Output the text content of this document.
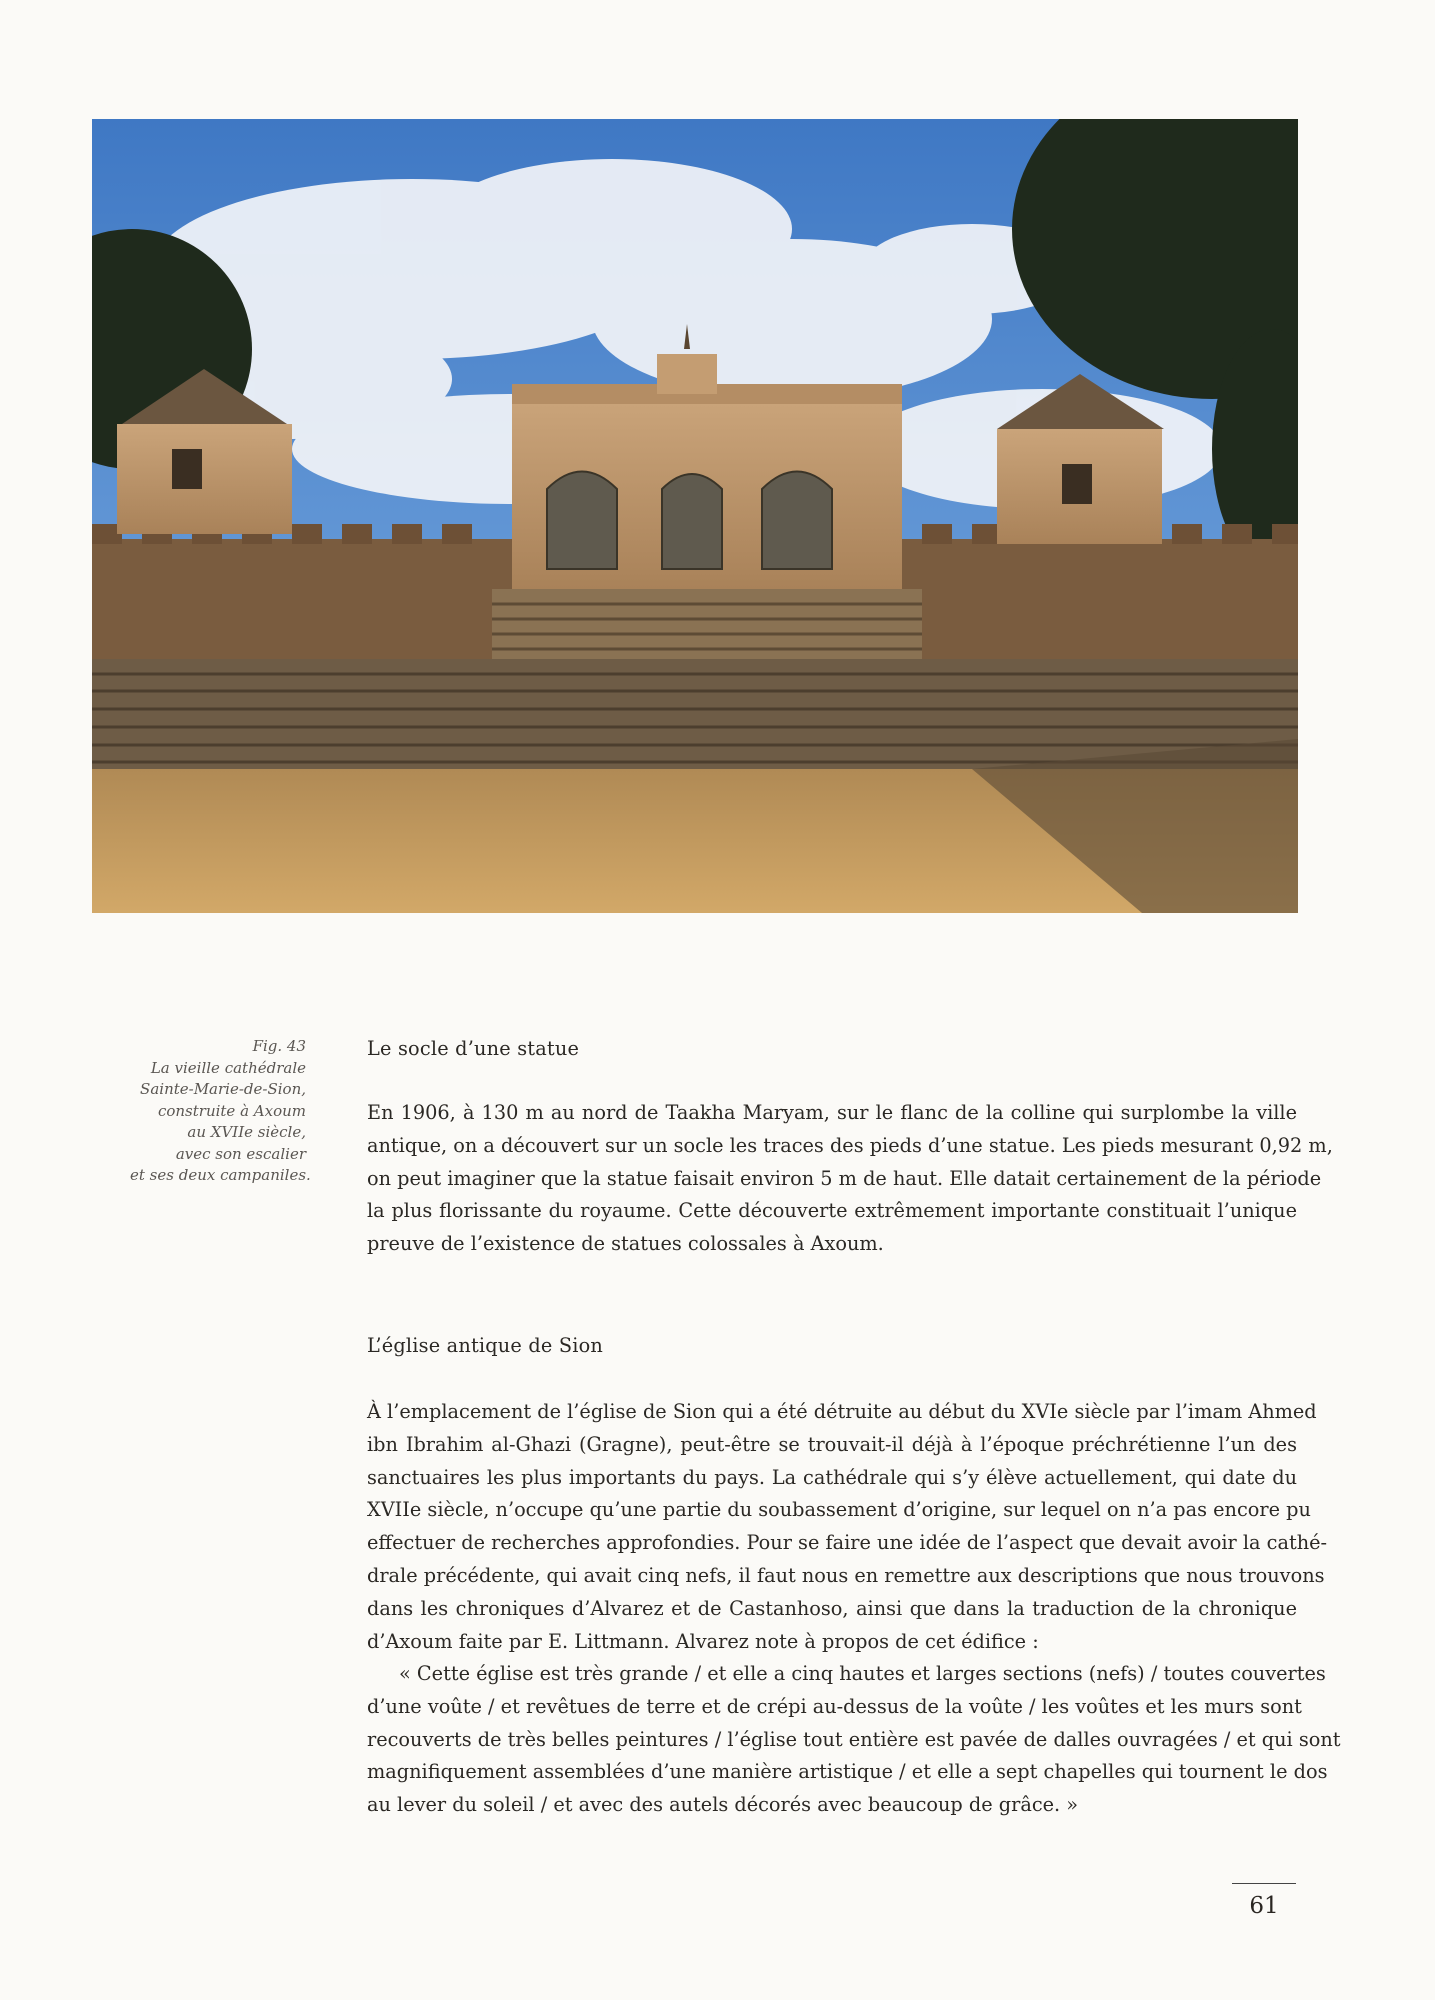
Fig. 43
La vieille cathédrale
Sainte-Marie-de-Sion,
construite à Axoum
au XVIIe siècle,
avec son escalier
et ses deux campaniles.
Le socle d’une statue
En 1906, à 130 m au nord de Taakha Maryam, sur le flanc de la colline qui surplombe la ville
antique, on a découvert sur un socle les traces des pieds d’une statue. Les pieds mesurant 0,92 m,
on peut imaginer que la statue faisait environ 5 m de haut. Elle datait certainement de la période
la plus florissante du royaume. Cette découverte extrêmement importante constituait l’unique
preuve de l’existence de statues colossales à Axoum.
L’église antique de Sion
À l’emplacement de l’église de Sion qui a été détruite au début du XVIe siècle par l’imam Ahmed
ibn Ibrahim al-Ghazi (Gragne), peut-être se trouvait-il déjà à l’époque préchrétienne l’un des
sanctuaires les plus importants du pays. La cathédrale qui s’y élève actuellement, qui date du
XVIIe siècle, n’occupe qu’une partie du soubassement d’origine, sur lequel on n’a pas encore pu
effectuer de recherches approfondies. Pour se faire une idée de l’aspect que devait avoir la cathé-
drale précédente, qui avait cinq nefs, il faut nous en remettre aux descriptions que nous trouvons
dans les chroniques d’Alvarez et de Castanhoso, ainsi que dans la traduction de la chronique
d’Axoum faite par E. Littmann. Alvarez note à propos de cet édifice :
« Cette église est très grande / et elle a cinq hautes et larges sections (nefs) / toutes couvertes
d’une voûte / et revêtues de terre et de crépi au-dessus de la voûte / les voûtes et les murs sont
recouverts de très belles peintures / l’église tout entière est pavée de dalles ouvragées / et qui sont
magnifiquement assemblées d’une manière artistique / et elle a sept chapelles qui tournent le dos
au lever du soleil / et avec des autels décorés avec beaucoup de grâce. »
61
